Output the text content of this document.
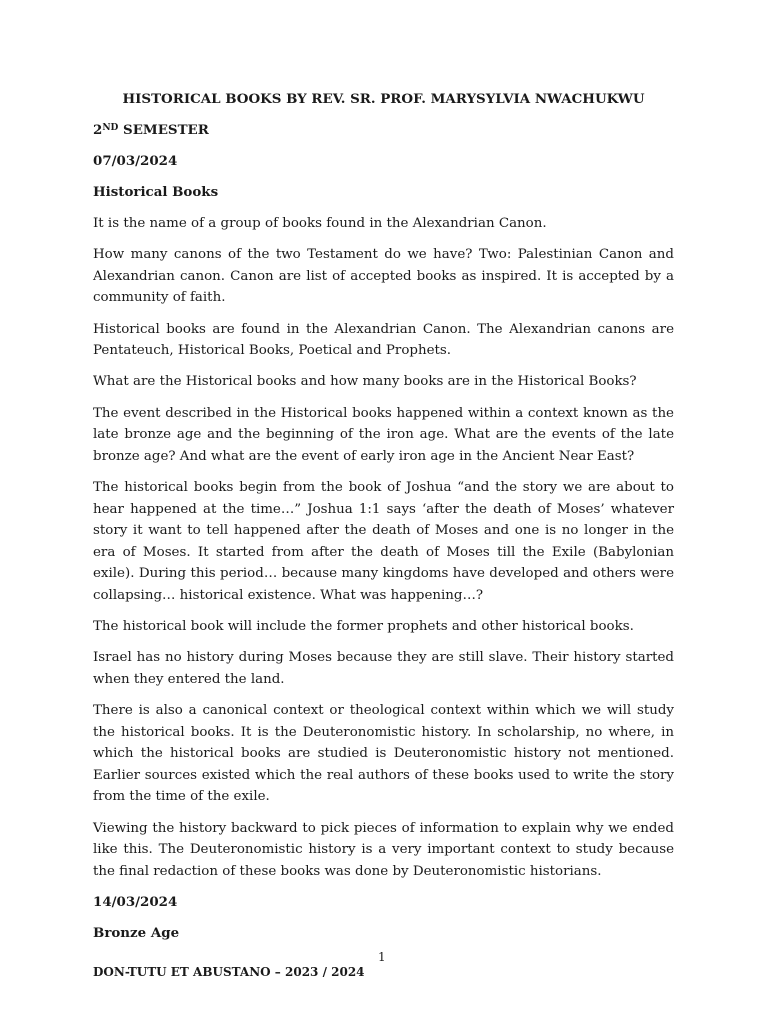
HISTORICAL BOOKS BY REV. SR. PROF. MARYSYLVIA NWACHUKWU
2ND SEMESTER
07/03/2024
Historical Books

It is the name of a group of books found in the Alexandrian Canon.

How many canons of the two Testament do we have? Two: Palestinian Canon and Alexandrian canon. Canon are list of accepted books as inspired. It is accepted by a community of faith.

Historical books are found in the Alexandrian Canon. The Alexandrian canons are Pentateuch, Historical Books, Poetical and Prophets.

What are the Historical books and how many books are in the Historical Books?

The event described in the Historical books happened within a context known as the late bronze age and the beginning of the iron age. What are the events of the late bronze age? And what are the event of early iron age in the Ancient Near East?

The historical books begin from the book of Joshua “and the story we are about to hear happened at the time…” Joshua 1:1 says ‘after the death of Moses’ whatever story it want to tell happened after the death of Moses and one is no longer in the era of Moses. It started from after the death of Moses till the Exile (Babylonian exile). During this period… because many kingdoms have developed and others were collapsing… historical existence. What was happening…?

The historical book will include the former prophets and other historical books.

Israel has no history during Moses because they are still slave. Their history started when they entered the land.

There is also a canonical context or theological context within which we will study the historical books. It is the Deuteronomistic history. In scholarship, no where, in which the historical books are studied is Deuteronomistic history not mentioned. Earlier sources existed which the real authors of these books used to write the story from the time of the exile.

Viewing the history backward to pick pieces of information to explain why we ended like this. The Deuteronomistic history is a very important context to study because the final redaction of these books was done by Deuteronomistic historians.

14/03/2024
Bronze Age
1
DON-TUTU ET ABUSTANO – 2023 / 2024
